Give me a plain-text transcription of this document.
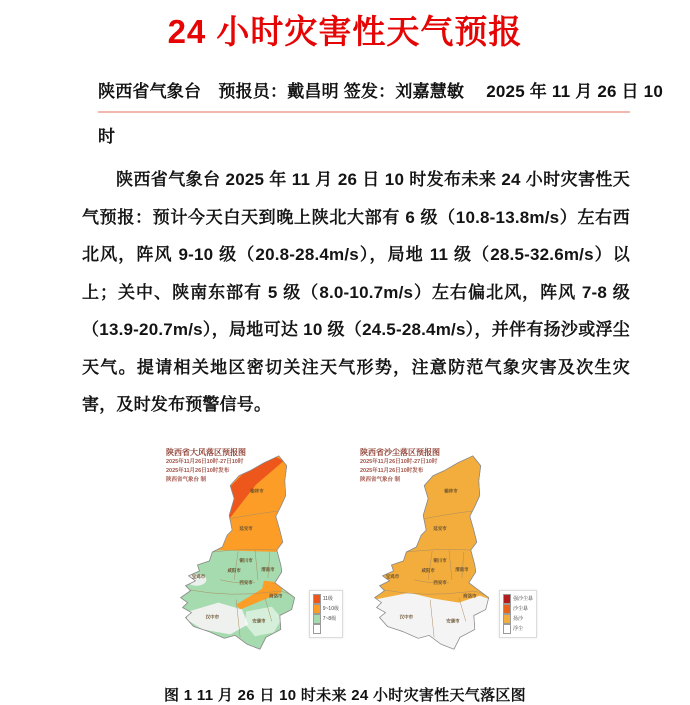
24 小时灾害性天气预报
陕西省气象台　预报员：戴昌明 签发：刘嘉慧敏　 2025 年 11 月 26 日 10
时

陕西省气象台 2025 年 11 月 26 日 10 时发布未来 24 小时灾害性天气预报：预计今天白天到晚上陕北大部有 6 级（10.8-13.8m/s）左右西北风，阵风 9-10 级（20.8-28.4m/s），局地 11 级（28.5-32.6m/s）以上；关中、陕南东部有 5 级（8.0-10.7m/s）左右偏北风，阵风 7-8 级（13.9-20.7m/s），局地可达 10 级（24.5-28.4m/s），并伴有扬沙或浮尘天气。提请相关地区密切关注天气形势，注意防范气象灾害及次生灾害，及时发布预警信号。

陕西省大风落区预报图
2025年11月26日10时-27日10时
2025年11月26日10时发布
陕西省气象台 制
榆林市
延安市
铜川市
渭南市
咸阳市
宝鸡市
西安市
商洛市
汉中市
安康市
11级
9~10级
7~8级
陕西省沙尘落区预报图
2025年11月26日10时-27日10时
2025年11月26日10时发布
陕西省气象台 制
榆林市
延安市
铜川市
渭南市
咸阳市
宝鸡市
西安市
商洛市
汉中市
安康市
强沙尘暴
沙尘暴
扬沙
浮尘
图 1 11 月 26 日 10 时未来 24 小时灾害性天气落区图
